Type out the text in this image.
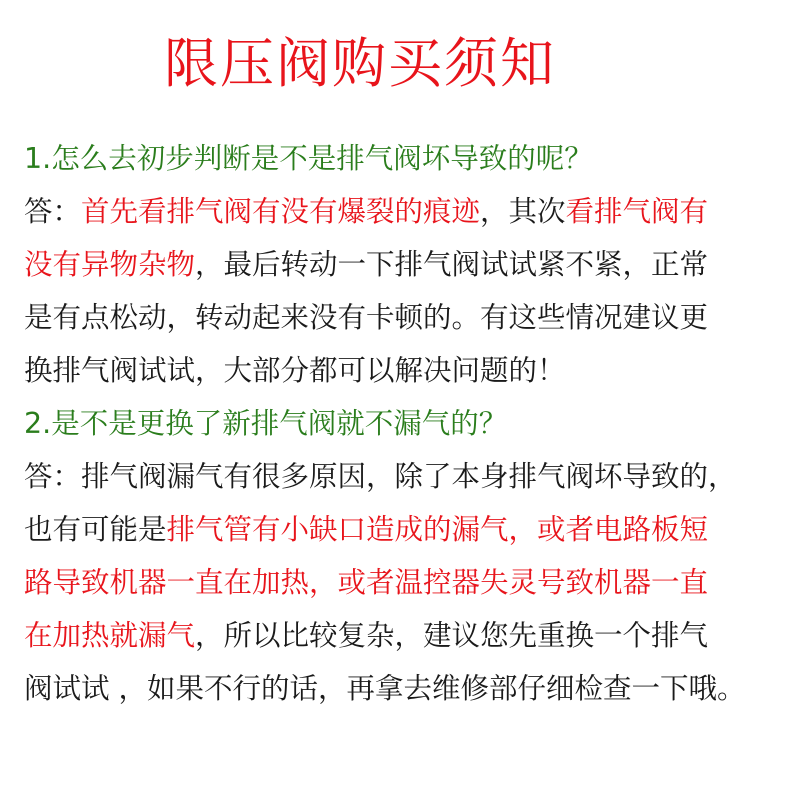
限压阀购买须知
1.怎么去初步判断是不是排气阀坏导致的呢？
答：首先看排气阀有没有爆裂的痕迹，其次看排气阀有
没有异物杂物，最后转动一下排气阀试试紧不紧，正常
是有点松动，转动起来没有卡顿的。有这些情况建议更
换排气阀试试，大部分都可以解决问题的！
2.是不是更换了新排气阀就不漏气的？
答：排气阀漏气有很多原因，除了本身排气阀坏导致的，
也有可能是排气管有小缺口造成的漏气，或者电路板短
路导致机器一直在加热，或者温控器失灵号致机器一直
在加热就漏气，所以比较复杂，建议您先重换一个排气
阀试试 ，如果不行的话，再拿去维修部仔细检查一下哦。
